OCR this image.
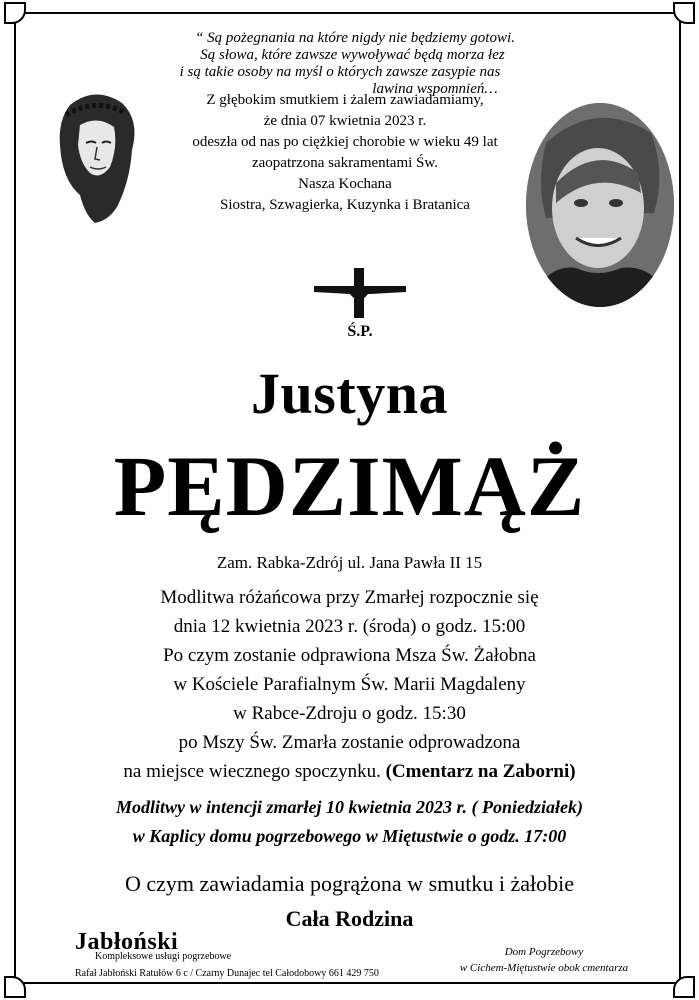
“ Są pożegnania na które nigdy nie będziemy gotowi.
Są słowa, które zawsze wywoływać będą morza łez
i są takie osoby na myśl o których zawsze zasypie nas
lawina wspomnień…
Z głębokim smutkiem i żalem zawiadamiamy,
że dnia 07 kwietnia 2023 r.
odeszła od nas po ciężkiej chorobie w wieku 49 lat
zaopatrzona sakramentami Św.
Nasza Kochana
Siostra, Szwagierka, Kuzynka i Bratanica
Ś.P.
Justyna
PĘDZIMĄŻ
Zam. Rabka-Zdrój ul. Jana Pawła II 15
Modlitwa różańcowa przy Zmarłej rozpocznie się
dnia 12 kwietnia 2023 r. (środa) o godz. 15:00
Po czym zostanie odprawiona Msza Św. Żałobna
w Kościele Parafialnym Św. Marii Magdaleny
w Rabce-Zdroju o godz. 15:30
po Mszy Św. Zmarła zostanie odprowadzona
na miejsce wiecznego spoczynku. (Cmentarz na Zaborni)
Modlitwy w intencji zmarłej 10 kwietnia 2023 r. ( Poniedziałek)
w Kaplicy domu pogrzebowego w Miętustwie o godz. 17:00
O czym zawiadamia pogrążona w smutku i żałobie
Cała Rodzina
Jabłoński
Kompleksowe usługi pogrzebowe
Rafał Jabłoński Ratułów 6 c / Czarny Dunajec tel Całodobowy 661 429 750
Dom Pogrzebowy
w Cichem-Miętustwie obok cmentarza
